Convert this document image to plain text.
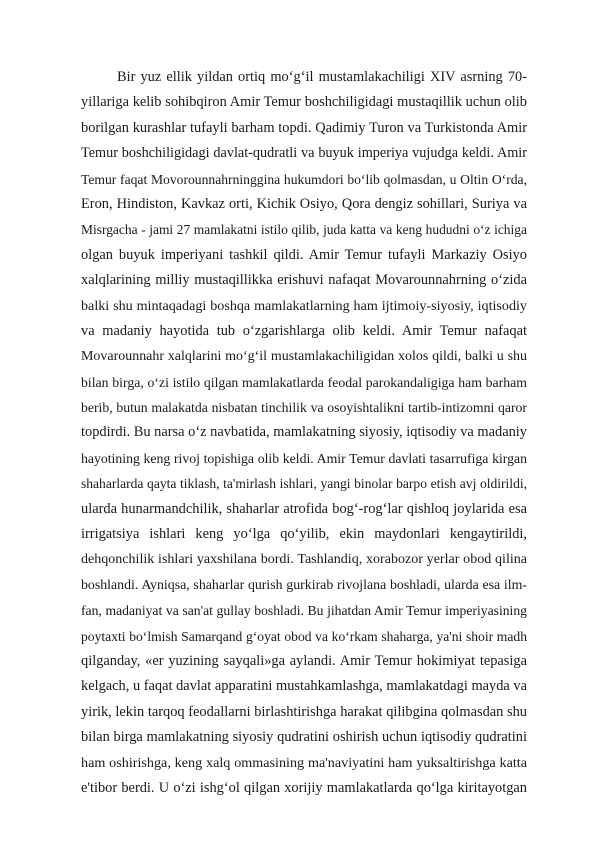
Bir yuz ellik yildan ortiq mo‘g‘il mustamlakachiligi XIV asrning 70-
yillariga kelib sohibqiron Amir Temur boshchiligidagi mustaqillik uchun olib
borilgan kurashlar tufayli barham topdi. Qadimiy Turon va Turkistonda Amir
Temur boshchiligidagi davlat-qudratli va buyuk imperiya vujudga keldi. Amir
Temur faqat Movorounnahrninggina hukumdori bo‘lib qolmasdan, u Oltin O‘rda,
Eron, Hindiston, Kavkaz orti, Kichik Osiyo, Qora dengiz sohillari, Suriya va
Misrgacha - jami 27 mamlakatni istilo qilib, juda katta va keng hududni o‘z ichiga
olgan buyuk imperiyani tashkil qildi. Amir Temur tufayli Markaziy Osiyo
xalqlarining milliy mustaqillikka erishuvi nafaqat Movarounnahrning o‘zida
balki shu mintaqadagi boshqa mamlakatlarning ham ijtimoiy-siyosiy, iqtisodiy
va madaniy hayotida tub o‘zgarishlarga olib keldi. Amir Temur nafaqat
Movarounnahr xalqlarini mo‘g‘il mustamlakachiligidan xolos qildi, balki u shu
bilan birga, o‘zi istilo qilgan mamlakatlarda feodal parokandaligiga ham barham
berib, butun malakatda nisbatan tinchilik va osoyishtalikni tartib-intizomni qaror
topdirdi. Bu narsa o‘z navbatida, mamlakatning siyosiy, iqtisodiy va madaniy
hayotining keng rivoj topishiga olib keldi. Amir Temur davlati tasarrufiga kirgan
shaharlarda qayta tiklash, ta'mirlash ishlari, yangi binolar barpo etish avj oldirildi,
ularda hunarmandchilik, shaharlar atrofida bog‘-rog‘lar qishloq joylarida esa
irrigatsiya ishlari keng yo‘lga qo‘yilib, ekin maydonlari kengaytirildi,
dehqonchilik ishlari yaxshilana bordi. Tashlandiq, xorabozor yerlar obod qilina
boshlandi. Ayniqsa, shaharlar qurish gurkirab rivojlana boshladi, ularda esa ilm-
fan, madaniyat va san'at gullay boshladi. Bu jihatdan Amir Temur imperiyasining
poytaxti bo‘lmish Samarqand g‘oyat obod va ko‘rkam shaharga, ya'ni shoir madh
qilganday, «er yuzining sayqali»ga aylandi. Amir Temur hokimiyat tepasiga
kelgach, u faqat davlat apparatini mustahkamlashga, mamlakatdagi mayda va
yirik, lekin tarqoq feodallarni birlashtirishga harakat qilibgina qolmasdan shu
bilan birga mamlakatning siyosiy qudratini oshirish uchun iqtisodiy qudratini
ham oshirishga, keng xalq ommasining ma'naviyatini ham yuksaltirishga katta
e'tibor berdi. U o‘zi ishg‘ol qilgan xorijiy mamlakatlarda qo‘lga kiritayotgan
